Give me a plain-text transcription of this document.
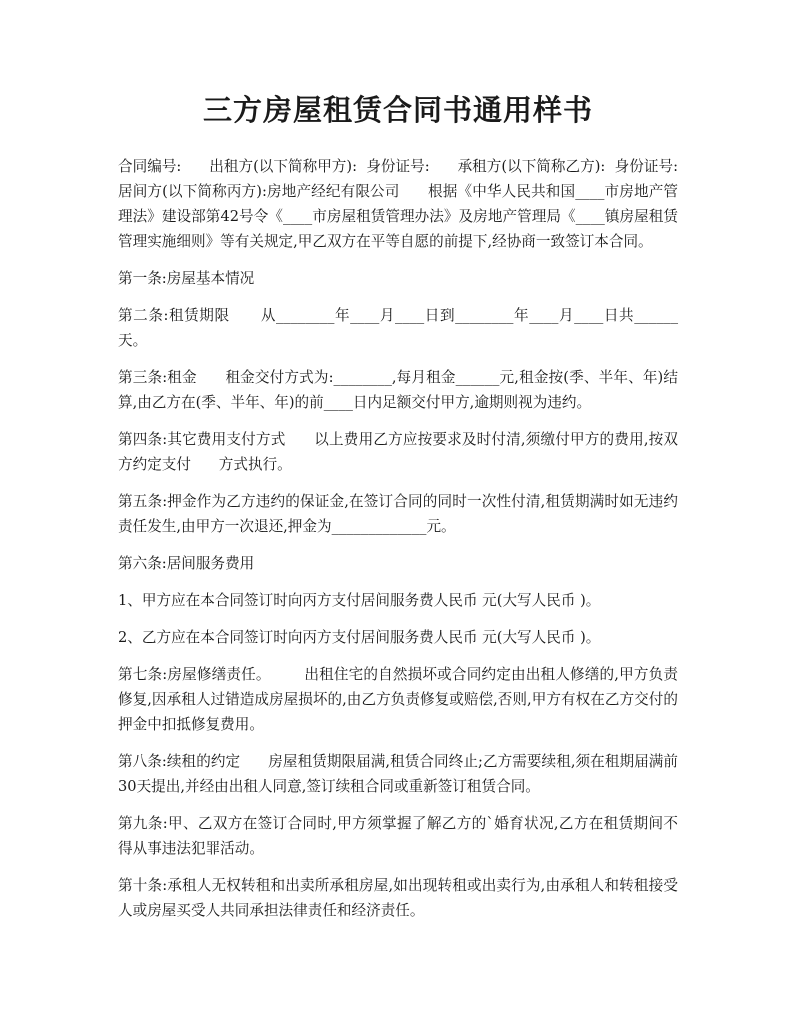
三方房屋租赁合同书通用样书

合同编号:      出租方(以下简称甲方):  身份证号:      承租方(以下简称乙方):  身份证号:       居间方(以下简称丙方):房地产经纪有限公司      根据《中华人民共和国____市房地产管理法》建设部第42号令《____市房屋租赁管理办法》及房地产管理局《____镇房屋租赁管理实施细则》等有关规定,甲乙双方在平等自愿的前提下,经协商一致签订本合同。

第一条:房屋基本情况

第二条:租赁期限      从________年____月____日到________年____月____日共______天。

第三条:租金      租金交付方式为:________,每月租金______元,租金按(季、半年、年)结算,由乙方在(季、半年、年)的前____日内足额交付甲方,逾期则视为违约。

第四条:其它费用支付方式      以上费用乙方应按要求及时付清,须缴付甲方的费用,按双方约定支付      方式执行。

第五条:押金作为乙方违约的保证金,在签订合同的同时一次性付清,租赁期满时如无违约责任发生,由甲方一次退还,押金为_____________元。

第六条:居间服务费用

1、甲方应在本合同签订时向丙方支付居间服务费人民币 元(大写人民币 )。

2、乙方应在本合同签订时向丙方支付居间服务费人民币 元(大写人民币 )。

第七条:房屋修缮责任。       出租住宅的自然损坏或合同约定由出租人修缮的,甲方负责修复,因承租人过错造成房屋损坏的,由乙方负责修复或赔偿,否则,甲方有权在乙方交付的押金中扣抵修复费用。

第八条:续租的约定      房屋租赁期限届满,租赁合同终止;乙方需要续租,须在租期届满前30天提出,并经由出租人同意,签订续租合同或重新签订租赁合同。

第九条:甲、乙双方在签订合同时,甲方须掌握了解乙方的`婚育状况,乙方在租赁期间不得从事违法犯罪活动。

第十条:承租人无权转租和出卖所承租房屋,如出现转租或出卖行为,由承租人和转租接受人或房屋买受人共同承担法律责任和经济责任。
